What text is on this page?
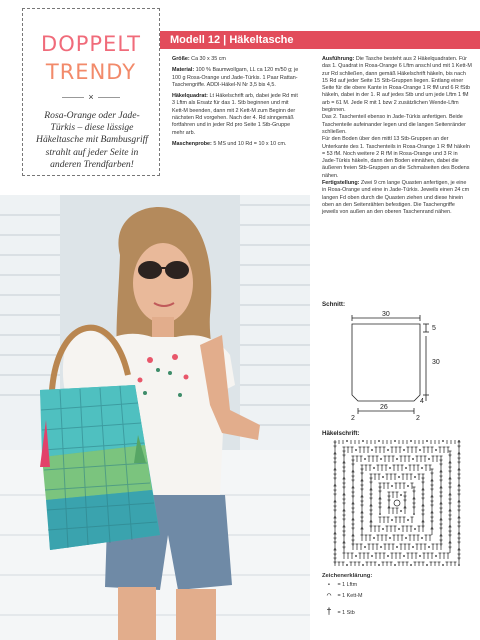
DOPPELT
TRENDY
×
Rosa-Orange oder Jade-Türkis – diese lässige Häkeltasche mit Bambusgriff strahlt auf jeder Seite in anderen Trendfarben!
Modell 12 | Häkeltasche

Größe: Ca 30 x 35 cm

Material: 100 % Baumwollgarn, LL ca 120 m/50 g; je 100 g Rosa-Orange und Jade-Türkis. 1 Paar Rattan-Taschengriffe. ADDI-Häkel-N Nr 3,5 bis 4,5.

Häkelquadrat: Lt Häkelschrift arb, dabei jede Rd mit 3 Lftm als Ersatz für das 1. Stb beginnen und mit Kett-M beenden, dann mit 2 Kett-M zum Beginn der nächsten Rd vorgehen. Nach der 4. Rd sinngemäß fortfahren und in jeder Rd pro Seite 1 Stb-Gruppe mehr arb.

Maschenprobe: 5 MS und 10 Rd = 10 x 10 cm.

Ausführung: Die Tasche besteht aus 2 Häkelquadraten. Für das 1. Quadrat in Rosa-Orange 6 Lftm anschl und mit 1 Kett-M zur Rd schließen, dann gemäß Häkelschrift häkeln, bis nach 15 Rd auf jeder Seite 15 Stb-Gruppen liegen. Entlang einer Seite für die obere Kante in Rosa-Orange 1 R fM und 6 R fStb häkeln, dabei in der 1. R auf jedes Stb und um jede Lftm 1 fM arb = 61 M. Jede R mit 1 bzw 2 zusätzlichen Wende-Lftm beginnen.

Das 2. Taschenteil ebenso in Jade-Türkis anfertigen. Beide Taschenteile aufeinander legen und die langen Seitenränder schließen.

Für den Boden über den mittl 13 Stb-Gruppen an der Unterkante des 1. Taschenteils in Rosa-Orange 1 R fM häkeln = 53 fM. Noch weitere 2 R fM in Rosa-Orange und 3 R in Jade-Türkis häkeln, dann den Boden einnähen, dabei die äußeren freien Stb-Gruppen an die Schmalseiten des Bodens nähen.

Fertigstellung: Zwei 9 cm lange Quasten anfertigen, je eine in Rosa-Orange und eine in Jade-Türkis. Jeweils einen 24 cm langen Fd oben durch die Quasten ziehen und diese hinein oben an den Seitenrähten befestigen. Die Taschengriffe jeweils von außen an den oberen Taschenrand nähen.

Schnitt:
30
5
30
26
4
2	2
Häkelschrift:
Zeichenerklärung:
• = 1 Lftm
◠ = 1 Kett-M
† = 1 Stb
